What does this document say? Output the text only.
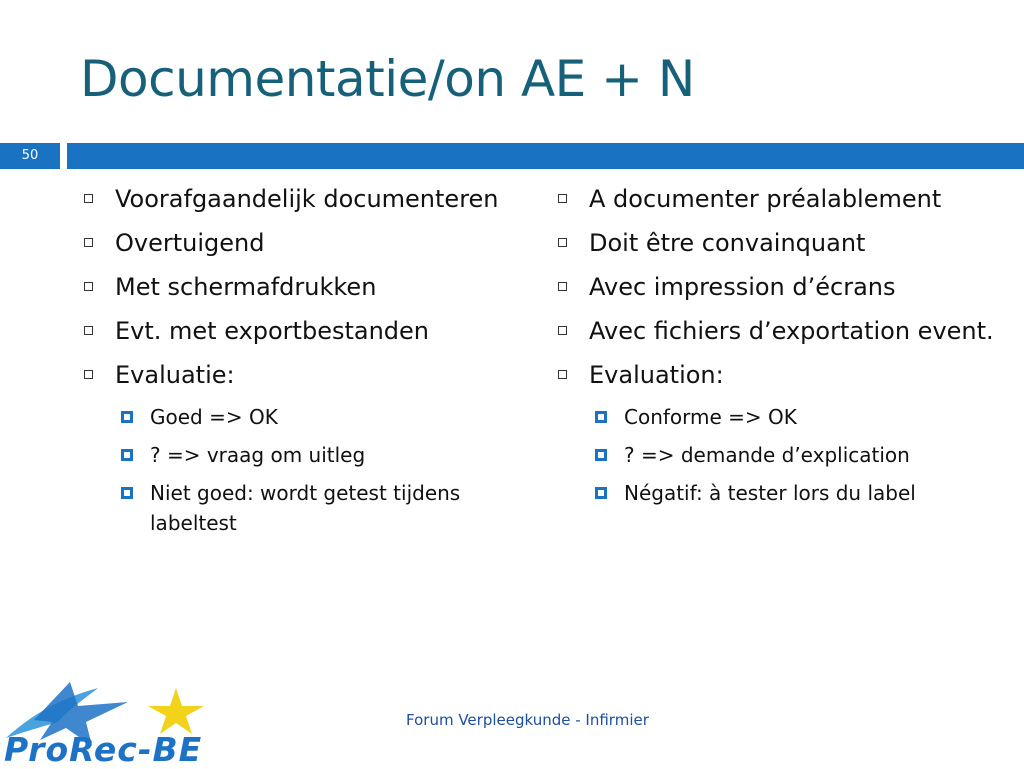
Documentatie/on AE + N
50
Voorafgaandelijk documenteren
Overtuigend
Met schermafdrukken
Evt. met exportbestanden
Evaluatie:
Goed => OK
? => vraag om uitleg
Niet goed: wordt getest tijdens labeltest
A documenter préalablement
Doit être convainquant
Avec impression d’écrans
Avec fichiers d’exportation event.
Evaluation:
Conforme => OK
? => demande d’explication
Négatif: à tester lors du label
Forum Verpleegkunde - Infirmier
ProRec-BE
